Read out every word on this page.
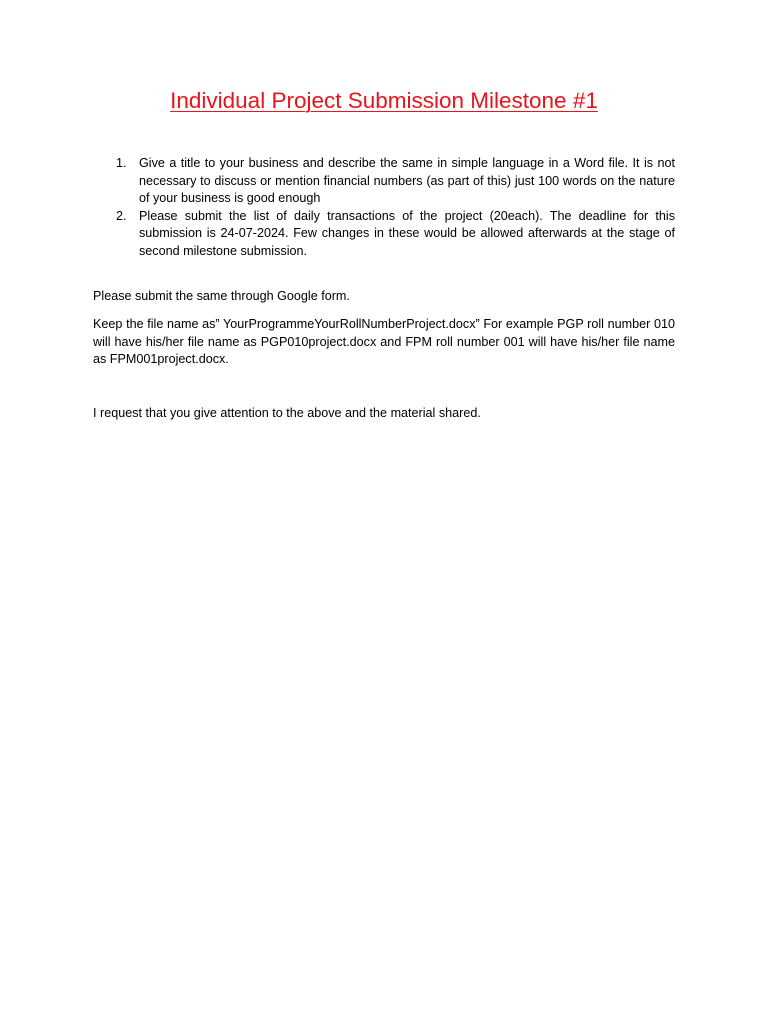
Individual Project Submission Milestone #1
1. Give a title to your business and describe the same in simple language in a Word file. It is not necessary to discuss or mention financial numbers (as part of this) just 100 words on the nature of your business is good enough
2. Please submit the list of daily transactions of the project (20each). The deadline for this submission is 24-07-2024. Few changes in these would be allowed afterwards at the stage of second milestone submission.

Please submit the same through Google form.

Keep the file name as” YourProgrammeYourRollNumberProject.docx” For example PGP roll number 010 will have his/her file name as PGP010project.docx and FPM roll number 001 will have his/her file name as FPM001project.docx.

I request that you give attention to the above and the material shared.
